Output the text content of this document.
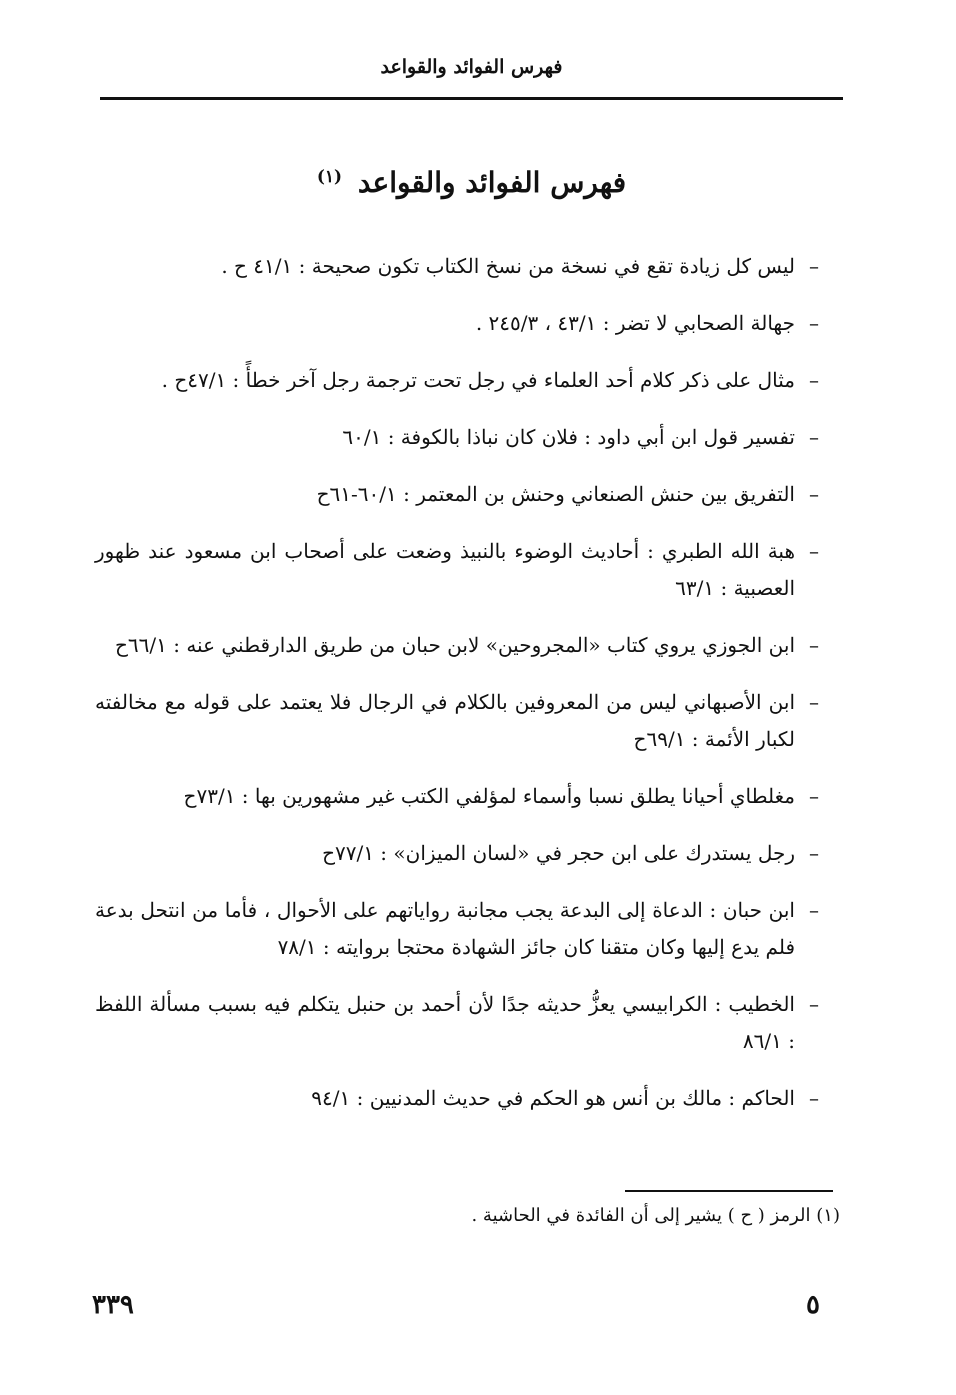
فهرس الفوائد والقواعد
فهرس الفوائد والقواعد $^{(١)}$
–
ليس كل زيادة تقع في نسخة من نسخ الكتاب تكون صحيحة : ٤١/١ ح .
–
جهالة الصحابي لا تضر : ٤٣/١ ، ٢٤٥/٣ .
–
مثال على ذكر كلام أحد العلماء في رجل تحت ترجمة رجل آخر خطأً : ٤٧/١ح .
–
تفسير قول ابن أبي داود : فلان كان نباذا بالكوفة : ٦٠/١
–
التفريق بين حنش الصنعاني وحنش بن المعتمر : ٦٠/١-٦١ح
–
هبة الله الطبري : أحاديث الوضوء بالنبيذ وضعت على أصحاب ابن مسعود عند ظهور العصبية : ٦٣/١
–
ابن الجوزي يروي كتاب «المجروحين» لابن حبان من طريق الدارقطني عنه : ٦٦/١ح
–
ابن الأصبهاني ليس من المعروفين بالكلام في الرجال فلا يعتمد على قوله مع مخالفته لكبار الأئمة : ٦٩/١ح
–
مغلطاي أحيانا يطلق نسبا وأسماء لمؤلفي الكتب غير مشهورين بها : ٧٣/١ح
–
رجل يستدرك على ابن حجر في «لسان الميزان» : ٧٧/١ح
–
ابن حبان : الدعاة إلى البدعة يجب مجانبة رواياتهم على الأحوال ، فأما من انتحل بدعة فلم يدع إليها وكان متقنا كان جائز الشهادة محتجا بروايته : ٧٨/١
–
الخطيب : الكرابيسي يعزُّ حديثه جدًا لأن أحمد بن حنبل يتكلم فيه بسبب مسألة اللفظ : ٨٦/١
–
الحاكم : مالك بن أنس هو الحكم في حديث المدنيين : ٩٤/١
(١) الرمز ( ح ) يشير إلى أن الفائدة في الحاشية .
٣٣٩	٥
